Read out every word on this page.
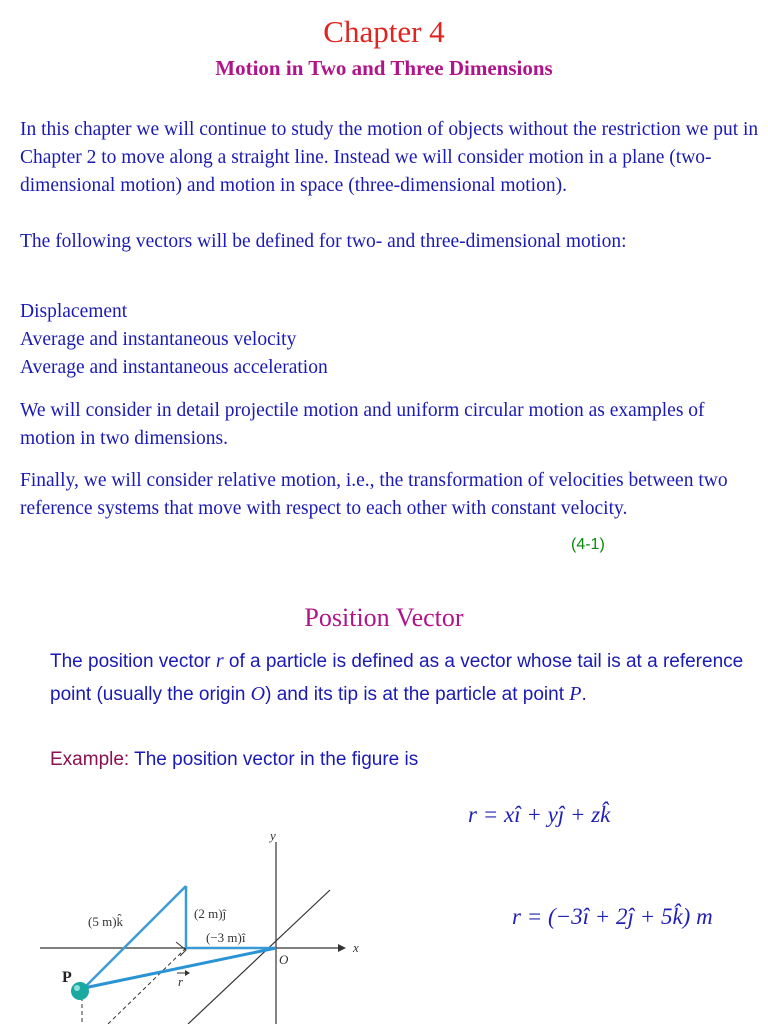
Chapter 4
Motion in Two and Three Dimensions

In this chapter we will continue to study the motion of objects without the restriction we put in Chapter 2 to move along a straight line. Instead we will consider motion in a plane (two-dimensional motion) and motion in space (three-dimensional motion).

The following vectors will be defined for two- and three-dimensional motion:

Displacement
Average and instantaneous velocity
Average and instantaneous acceleration

We will consider in detail projectile motion and uniform circular motion as examples of motion in two dimensions.

Finally, we will consider relative motion, i.e., the transformation of velocities between two reference systems that move with respect to each other with constant velocity.

(4-1)
Position Vector

The position vector r of a particle is defined as a vector whose tail is at a reference point (usually the origin O) and its tip is at the particle at point P.

Example: The position vector in the figure is
r = xî + yĵ + zk̂
r = (−3î + 2ĵ + 5k̂) m
y
x
O
P
(5 m)k̂
(2 m)ĵ
(−3 m)î
r
